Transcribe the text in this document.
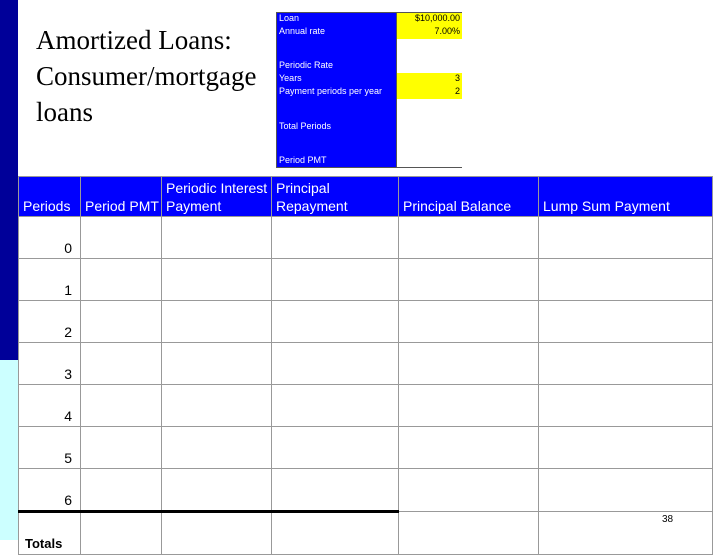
Amortized Loans: Consumer/mortgage loans
Loan	$10,000.00
Annual rate	7.00%
Periodic Rate
Years	3
Payment periods per year	2
Total Periods
Period PMT
Periods	Period PMT	Periodic Interest Payment	Principal Repayment	Principal Balance	Lump Sum Payment
0					
1					
2					
3					
4					
5					
6					
Totals					
38
